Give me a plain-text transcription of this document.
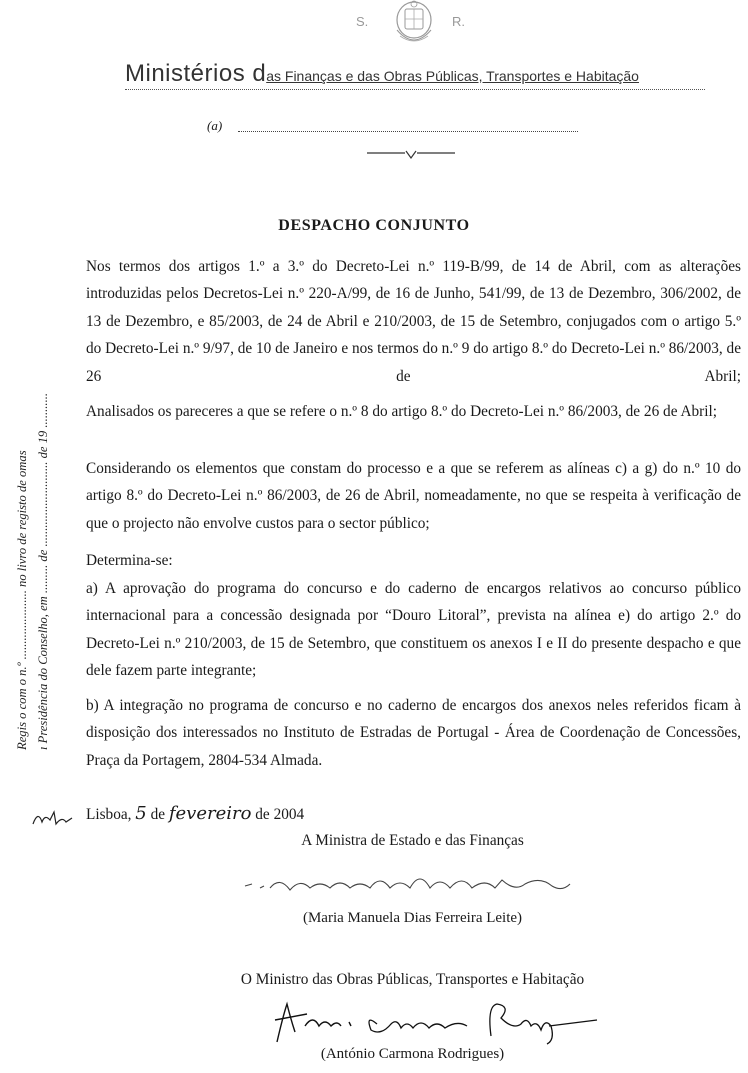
S.	R.
Ministérios das Finanças e das Obras Públicas, Transportes e Habitação
(a)
DESPACHO CONJUNTO
Nos termos dos artigos 1.º a 3.º do Decreto-Lei n.º 119-B/99, de 14 de Abril, com as alterações introduzidas pelos Decretos-Lei n.º 220-A/99, de 16 de Junho, 541/99, de 13 de Dezembro, 306/2002, de 13 de Dezembro, e 85/2003, de 24 de Abril e 210/2003, de 15 de Setembro, conjugados com o artigo 5.º do Decreto-Lei n.º 9/97, de 10 de Janeiro e nos termos do n.º 9 do artigo 8.º do Decreto-Lei n.º 86/2003, de 26 de Abril;
Analisados os pareceres a que se refere o n.º 8 do artigo 8.º do Decreto-Lei n.º 86/2003, de 26 de Abril;
Considerando os elementos que constam do processo e a que se referem as alíneas c) a g) do n.º 10 do artigo 8.º do Decreto-Lei n.º 86/2003, de 26 de Abril, nomeadamente, no que se respeita à verificação de que o projecto não envolve custos para o sector público;
Determina-se:
a) A aprovação do programa do concurso e do caderno de encargos relativos ao concurso público internacional para a concessão designada por “Douro Litoral”, prevista na alínea e) do artigo 2.º do Decreto-Lei n.º 210/2003, de 15 de Setembro, que constituem os anexos I e II do presente despacho e que dele fazem parte integrante;
b) A integração no programa de concurso e no caderno de encargos dos anexos neles referidos ficam à disposição dos interessados no Instituto de Estradas de Portugal - Área de Coordenação de Concessões, Praça da Portagem, 2804-534 Almada.
Regis o com o n.º ...................... no livro de registo de omas ı Presidência do Conselho, em ......... de ........................... de 19 ...........
Lisboa, 5 de fevereiro de 2004
A Ministra de Estado e das Finanças
(Maria Manuela Dias Ferreira Leite)
O Ministro das Obras Públicas, Transportes e Habitação
(António Carmona Rodrigues)
